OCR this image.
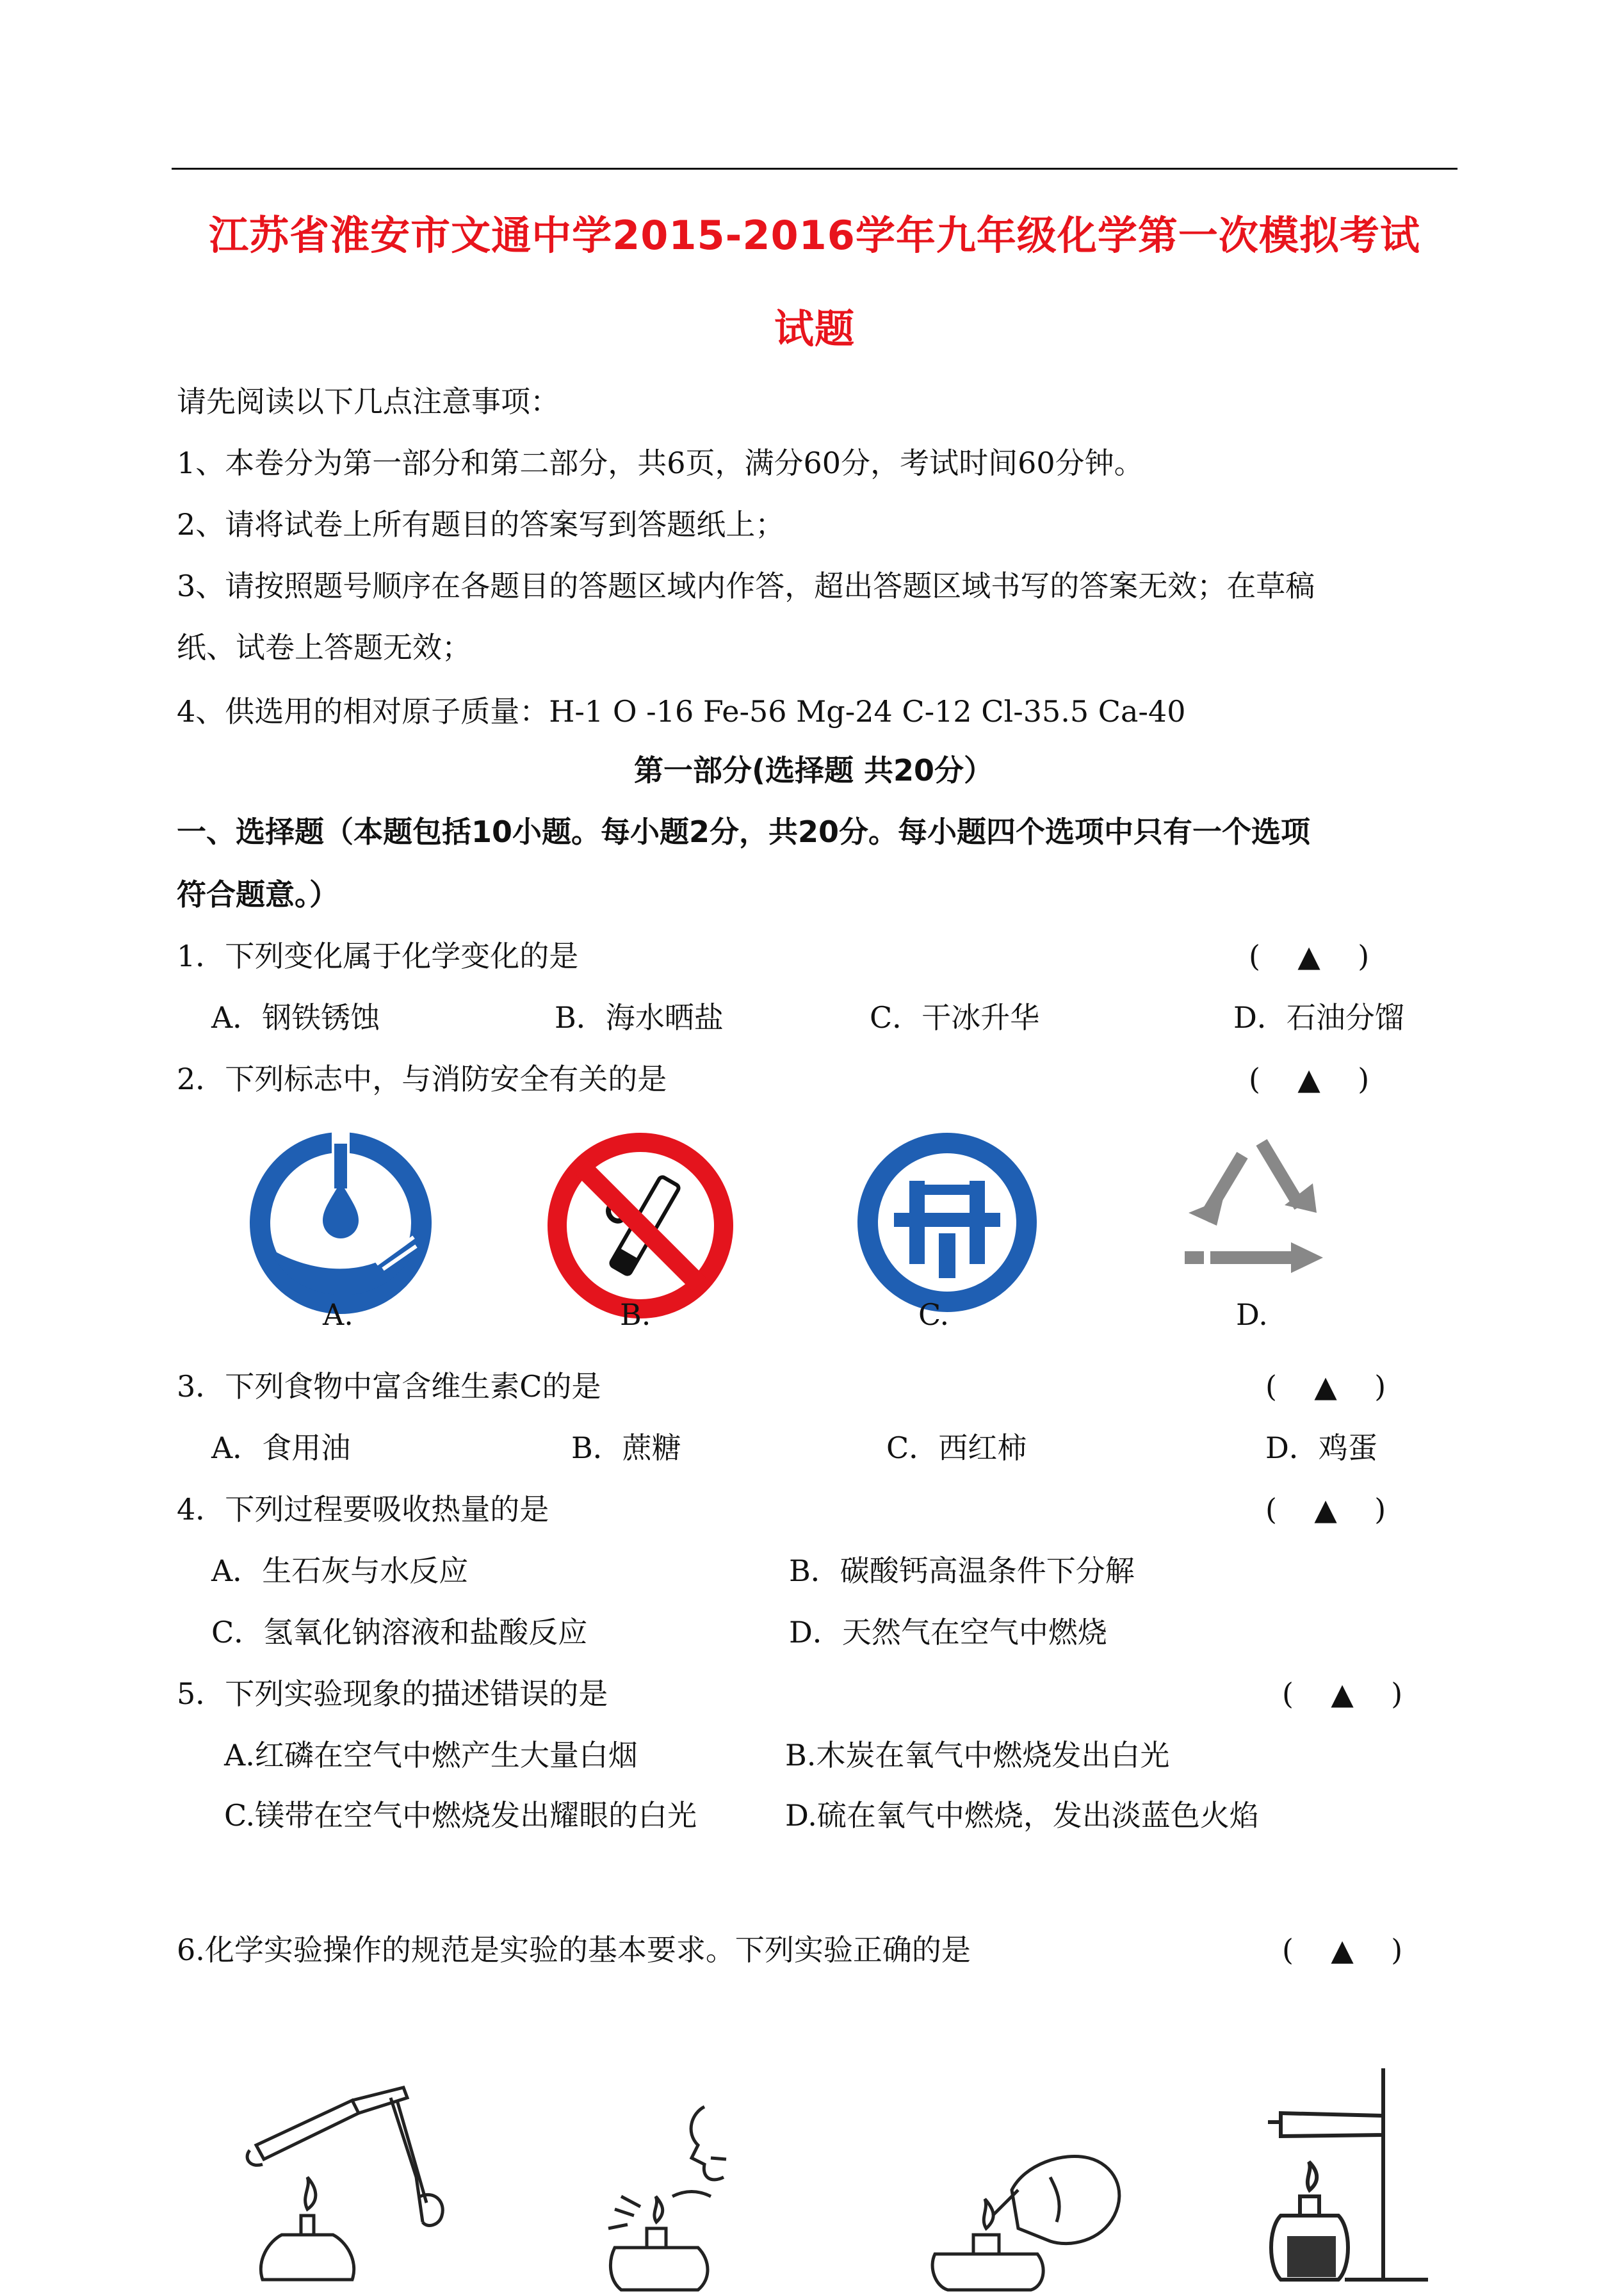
江苏省淮安市文通中学2015-2016学年九年级化学第一次模拟考试
试题
请先阅读以下几点注意事项：
1、本卷分为第一部分和第二部分，共6页，满分60分，考试时间60分钟。
2、请将试卷上所有题目的答案写到答题纸上；
3、请按照题号顺序在各题目的答题区域内作答，超出答题区域书写的答案无效；在草稿
纸、试卷上答题无效；
4、供选用的相对原子质量：H-1 O -16 Fe-56 Mg-24 C-12 Cl-35.5 Ca-40
第一部分(选择题 共20分）
一、选择题（本题包括10小题。每小题2分，共20分。每小题四个选项中只有一个选项
符合题意。）
1．下列变化属于化学变化的是	(    ▲    )
A．钢铁锈蚀	B．海水晒盐	C．干冰升华	D．石油分馏
2．下列标志中，与消防安全有关的是	(    ▲    )
A.	B.	C.	D.
3．下列食物中富含维生素C的是	(    ▲    )
A．食用油	B．蔗糖	C．西红柿	D．鸡蛋
4．下列过程要吸收热量的是	(    ▲    )
A．生石灰与水反应	B．碳酸钙高温条件下分解
C．氢氧化钠溶液和盐酸反应	D．天然气在空气中燃烧
5．下列实验现象的描述错误的是	(    ▲    )
A.红磷在空气中燃产生大量白烟	B.木炭在氧气中燃烧发出白光
C.镁带在空气中燃烧发出耀眼的白光	D.硫在氧气中燃烧，发出淡蓝色火焰
6.化学实验操作的规范是实验的基本要求。下列实验正确的是	(    ▲    )
